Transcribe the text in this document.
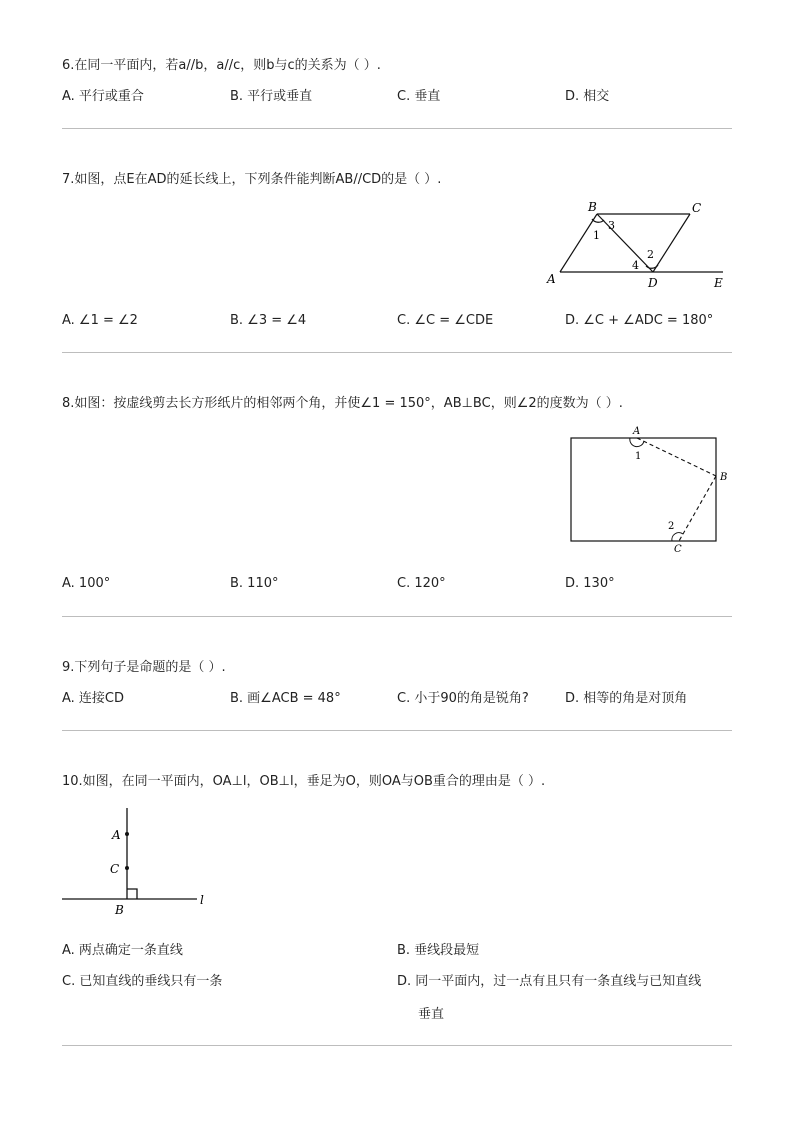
6.在同一平面内，若a//b，a//c，则b与c的关系为（ ）.
A. 平行或重合	B. 平行或垂直	C. 垂直	D. 相交
7.如图，点E在AD的延长线上，下列条件能判断AB//CD的是（ ）.
B	C
A	D	E
1
3
2
4
A. ∠1 = ∠2	B. ∠3 = ∠4	C. ∠C = ∠CDE	D. ∠C + ∠ADC = 180°
8.如图：按虚线剪去长方形纸片的相邻两个角，并使∠1 = 150°，AB⊥BC，则∠2的度数为（ ）.
A
B
C
1
2
A. 100°	B. 110°	C. 120°	D. 130°
9.下列句子是命题的是（ ）.
A. 连接CD	B. 画∠ACB = 48°	C. 小于90的角是锐角?	D. 相等的角是对顶角
10.如图，在同一平面内，OA⊥l，OB⊥l，垂足为O，则OA与OB重合的理由是（ ）.
A
C
B
l
A. 两点确定一条直线	B. 垂线段最短
C. 已知直线的垂线只有一条	D. 同一平面内，过一点有且只有一条直线与已知直线
垂直
